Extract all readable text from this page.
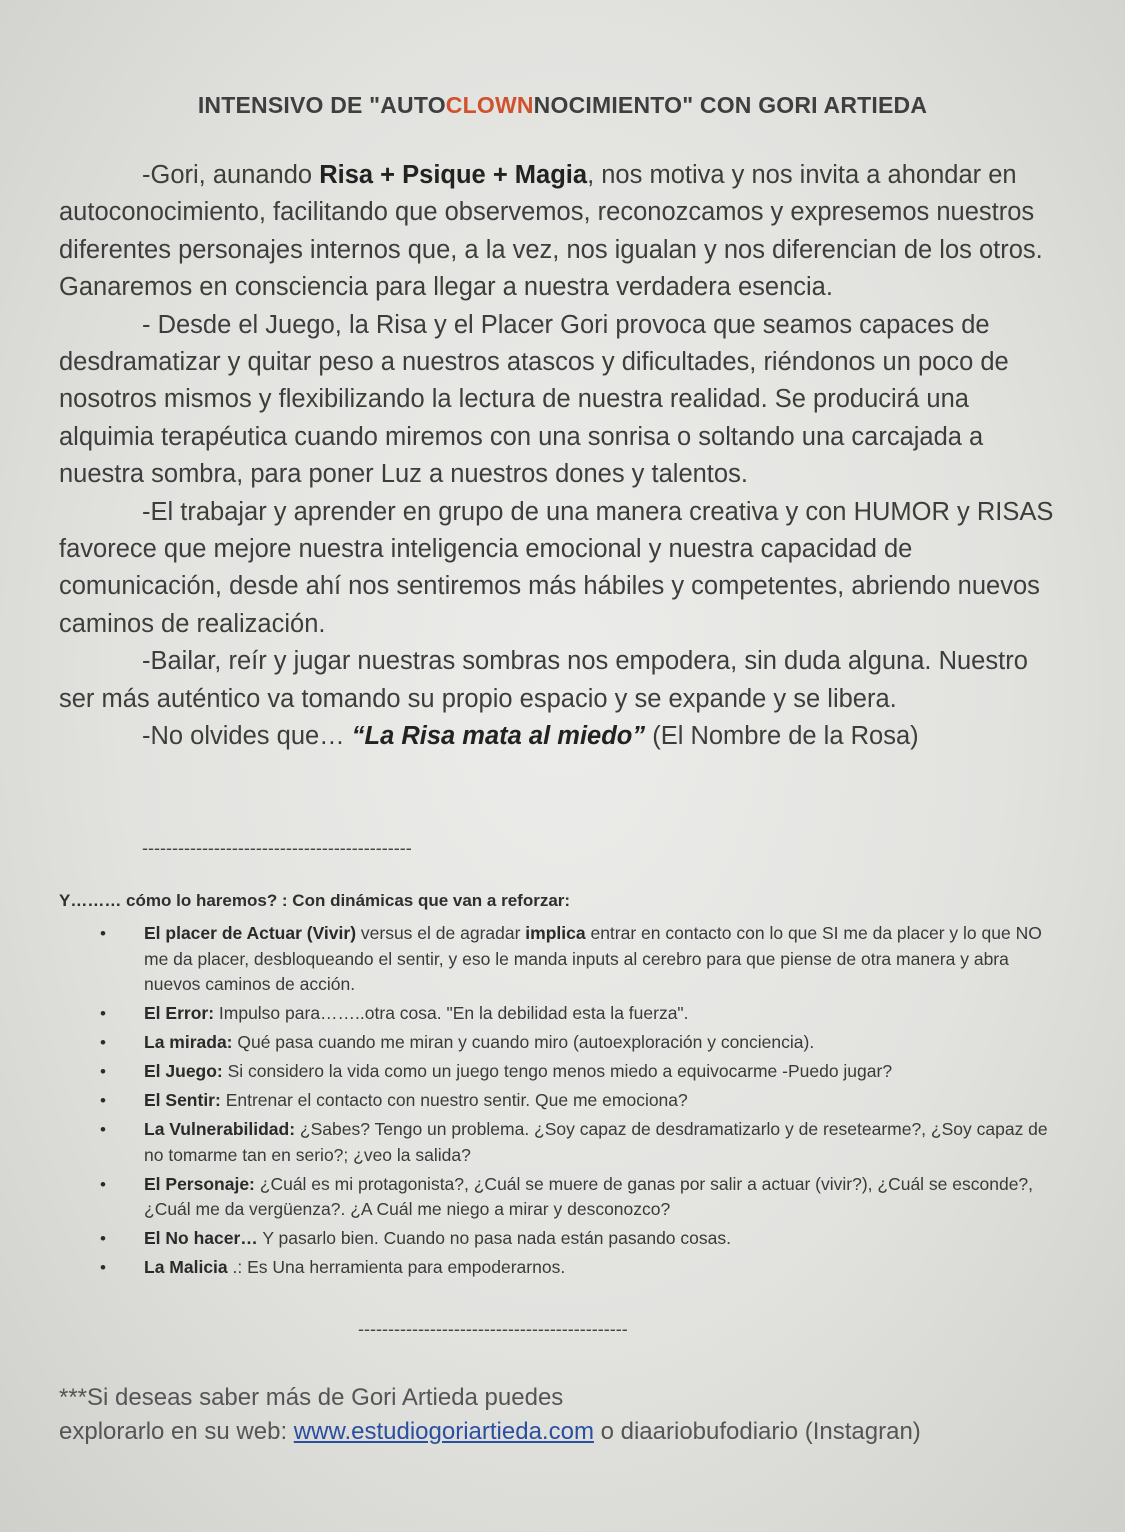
INTENSIVO DE "AUTOCLOWNNOCIMIENTO" CON GORI ARTIEDA

-Gori, aunando Risa + Psique + Magia, nos motiva y nos invita a ahondar en autoconocimiento, facilitando que observemos, reconozcamos y expresemos nuestros diferentes personajes internos que, a la vez, nos igualan y nos diferencian de los otros. Ganaremos en consciencia para llegar a nuestra verdadera esencia.

- Desde el Juego, la Risa y el Placer Gori provoca que seamos capaces de desdramatizar y quitar peso a nuestros atascos y dificultades, riéndonos un poco de nosotros mismos y flexibilizando la lectura de nuestra realidad. Se producirá una alquimia terapéutica cuando miremos con una sonrisa o soltando una carcajada a nuestra sombra, para poner Luz a nuestros dones y talentos.

-El trabajar y aprender en grupo de una manera creativa y con HUMOR y RISAS favorece que mejore nuestra inteligencia emocional y nuestra capacidad de comunicación, desde ahí nos sentiremos más hábiles y competentes, abriendo nuevos caminos de realización.

-Bailar, reír y jugar nuestras sombras nos empodera, sin duda alguna. Nuestro ser más auténtico va tomando su propio espacio y se expande y se libera.

-No olvides que… “La Risa mata al miedo” (El Nombre de la Rosa)

---------------------------------------------
Y……… cómo lo haremos? : Con dinámicas que van a reforzar:
• El placer de Actuar (Vivir) versus el de agradar implica entrar en contacto con lo que SI me da placer y lo que NO me da placer, desbloqueando el sentir, y eso le manda inputs al cerebro para que piense de otra manera y abra nuevos caminos de acción.
• El Error: Impulso para……..otra cosa. "En la debilidad esta la fuerza".
• La mirada: Qué pasa cuando me miran y cuando miro (autoexploración y conciencia).
• El Juego: Si considero la vida como un juego tengo menos miedo a equivocarme -Puedo jugar?
• El Sentir: Entrenar el contacto con nuestro sentir. Que me emociona?
• La Vulnerabilidad: ¿Sabes? Tengo un problema. ¿Soy capaz de desdramatizarlo y de resetearme?, ¿Soy capaz de no tomarme tan en serio?; ¿veo la salida?
• El Personaje: ¿Cuál es mi protagonista?, ¿Cuál se muere de ganas por salir a actuar (vivir?), ¿Cuál se esconde?, ¿Cuál me da vergüenza?. ¿A Cuál me niego a mirar y desconozco?
• El No hacer… Y pasarlo bien. Cuando no pasa nada están pasando cosas.
• La Malicia .: Es Una herramienta para empoderarnos.
---------------------------------------------
***Si deseas saber más de Gori Artieda puedes
explorarlo en su web: www.estudiogoriartieda.com o diaariobufodiario (Instagran)
